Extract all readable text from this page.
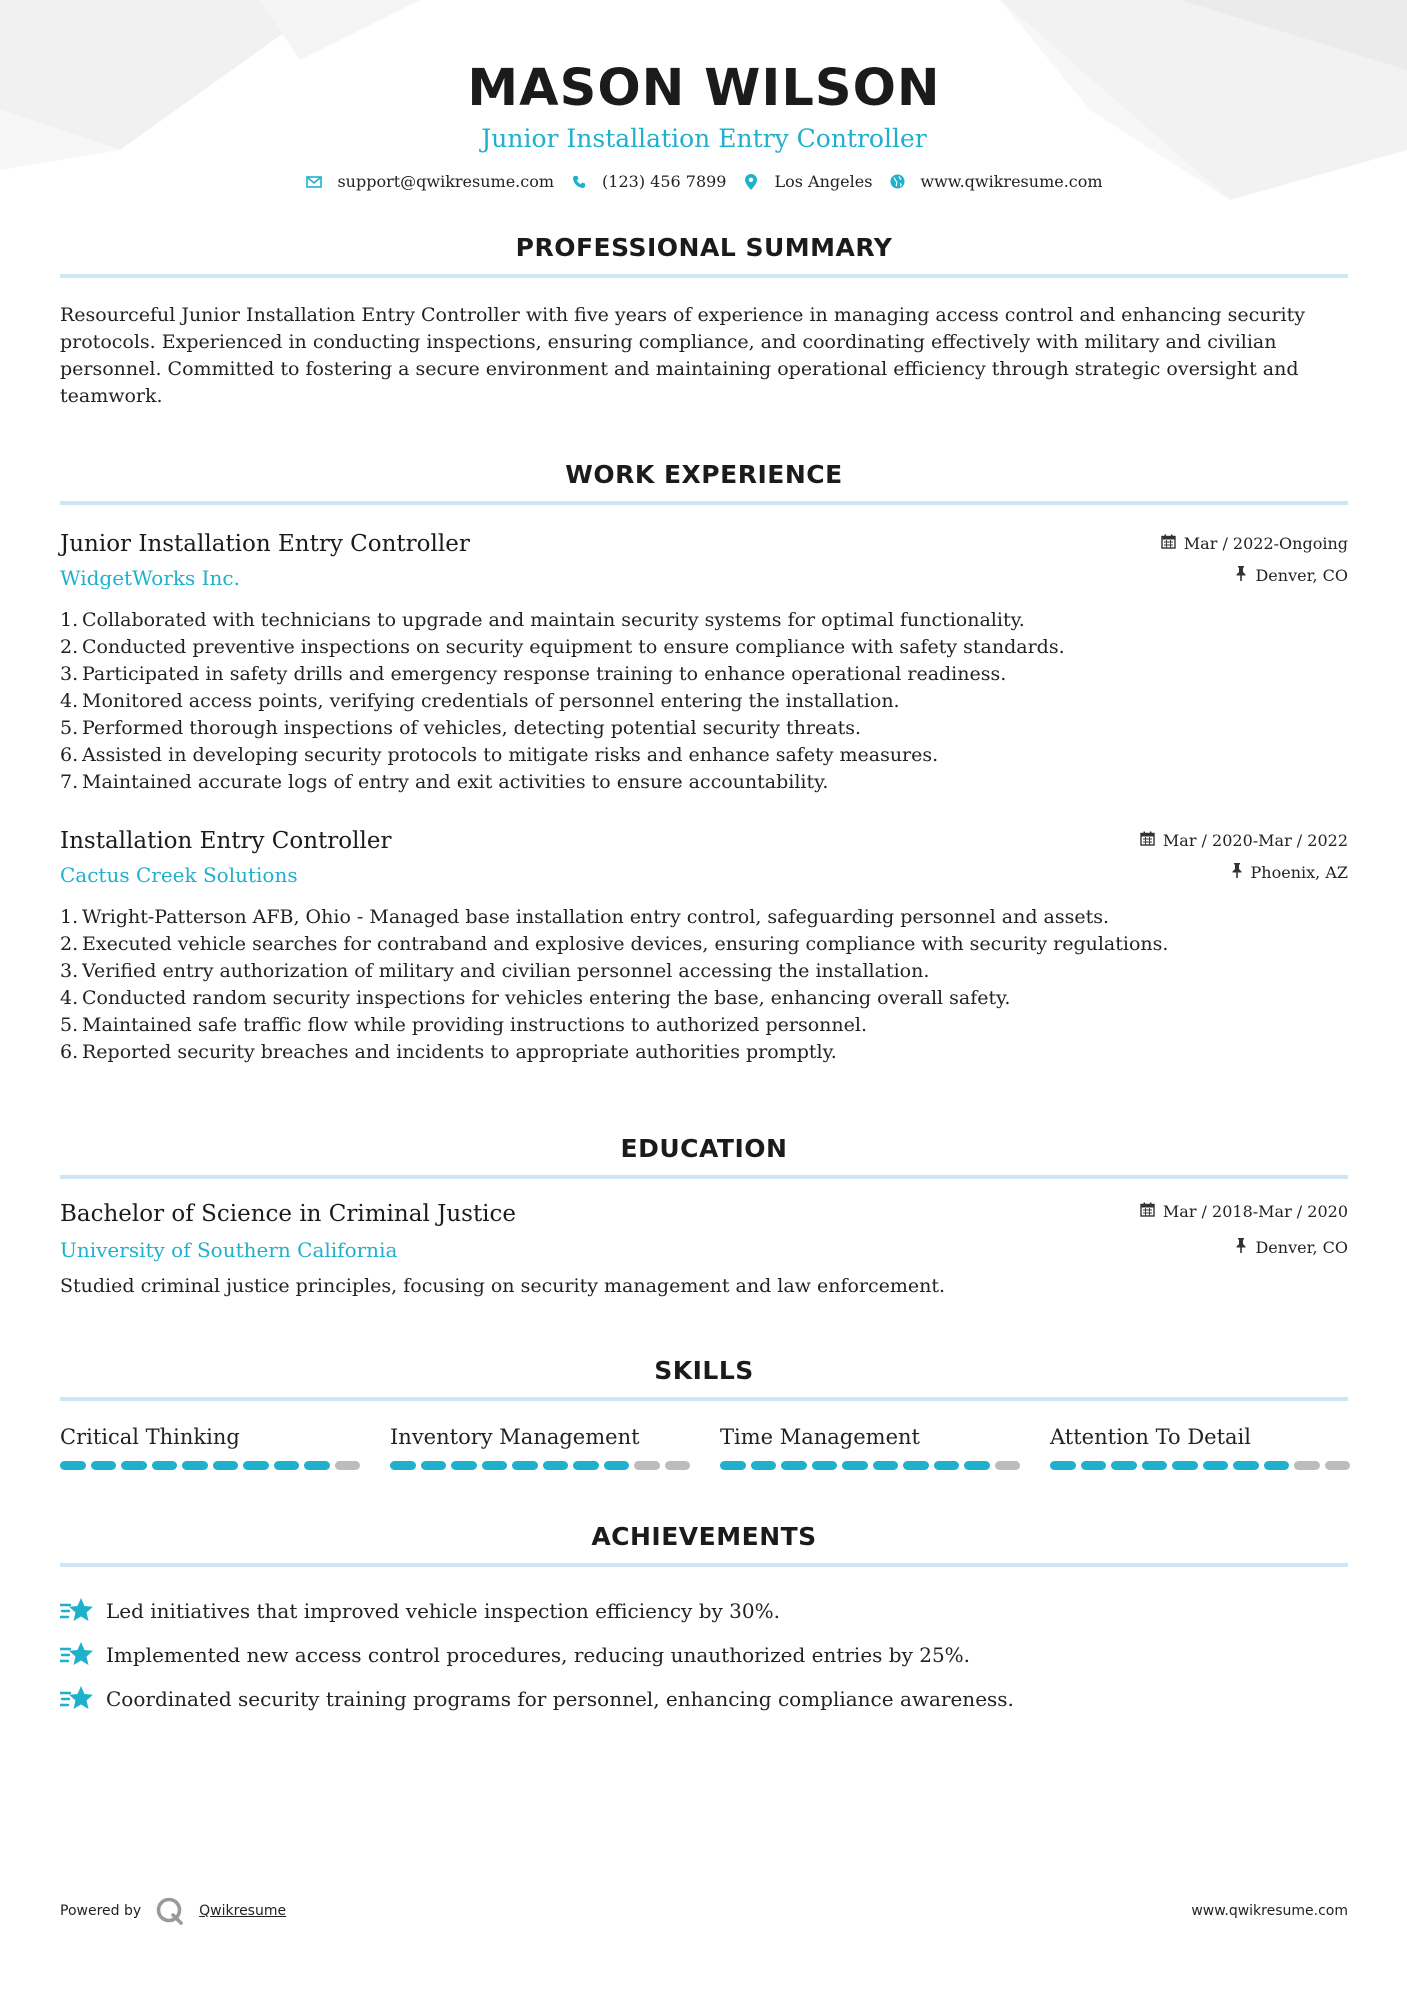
MASON WILSON
Junior Installation Entry Controller
support@qwikresume.com	(123) 456 7899	Los Angeles	www.qwikresume.com
PROFESSIONAL SUMMARY

Resourceful Junior Installation Entry Controller with five years of experience in managing access control and enhancing security protocols. Experienced in conducting inspections, ensuring compliance, and coordinating effectively with military and civilian personnel. Committed to fostering a secure environment and maintaining operational efficiency through strategic oversight and teamwork.

WORK EXPERIENCE
Junior Installation Entry Controller
WidgetWorks Inc.
Mar / 2022-Ongoing
Denver, CO
1. Collaborated with technicians to upgrade and maintain security systems for optimal functionality.
2. Conducted preventive inspections on security equipment to ensure compliance with safety standards.
3. Participated in safety drills and emergency response training to enhance operational readiness.
4. Monitored access points, verifying credentials of personnel entering the installation.
5. Performed thorough inspections of vehicles, detecting potential security threats.
6. Assisted in developing security protocols to mitigate risks and enhance safety measures.
7. Maintained accurate logs of entry and exit activities to ensure accountability.
Installation Entry Controller
Cactus Creek Solutions
Mar / 2020-Mar / 2022
Phoenix, AZ
1. Wright-Patterson AFB, Ohio - Managed base installation entry control, safeguarding personnel and assets.
2. Executed vehicle searches for contraband and explosive devices, ensuring compliance with security regulations.
3. Verified entry authorization of military and civilian personnel accessing the installation.
4. Conducted random security inspections for vehicles entering the base, enhancing overall safety.
5. Maintained safe traffic flow while providing instructions to authorized personnel.
6. Reported security breaches and incidents to appropriate authorities promptly.
EDUCATION
Bachelor of Science in Criminal Justice
University of Southern California
Mar / 2018-Mar / 2020
Denver, CO

Studied criminal justice principles, focusing on security management and law enforcement.

SKILLS
Critical Thinking	Inventory Management	Time Management	Attention To Detail
ACHIEVEMENTS
Led initiatives that improved vehicle inspection efficiency by 30%.
Implemented new access control procedures, reducing unauthorized entries by 25%.
Coordinated security training programs for personnel, enhancing compliance awareness.
Powered by	Qwikresume	www.qwikresume.com
